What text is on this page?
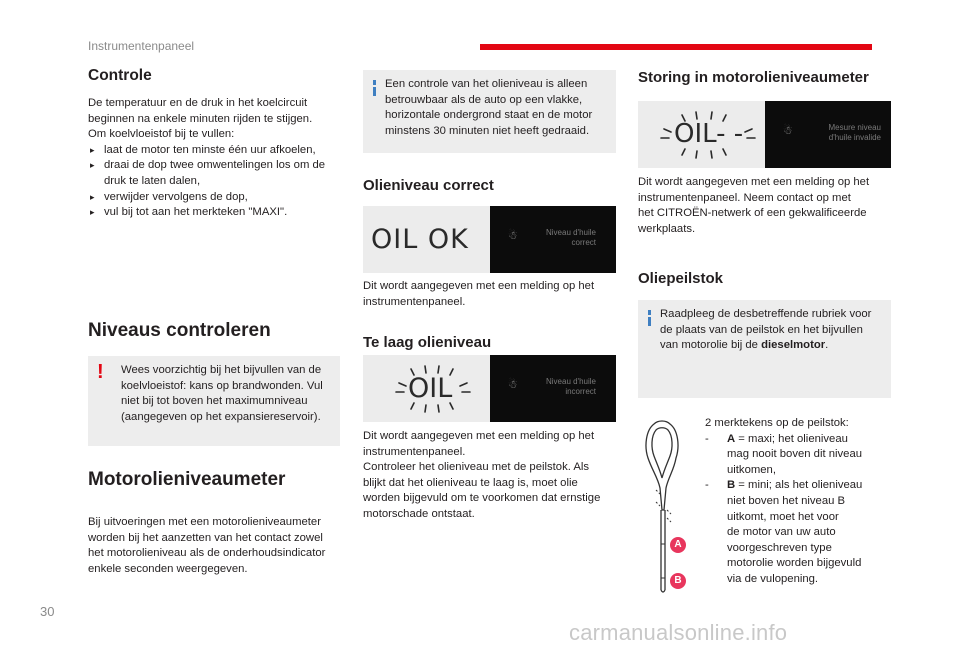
Instrumentenpaneel
Controle
De temperatuur en de druk in het koelcircuit
beginnen na enkele minuten rijden te stijgen.
Om koelvloeistof bij te vullen:
▸ laat de motor ten minste één uur afkoelen,
▸ draai de dop twee omwentelingen los om de
druk te laten dalen,
▸ verwijder vervolgens de dop,
▸ vul bij tot aan het merkteken "MAXI".
Niveaus controleren
! Wees voorzichtig bij het bijvullen van de
koelvloeistof: kans op brandwonden. Vul
niet bij tot boven het maximumniveau
(aangegeven op het expansiereservoir).
Motorolieniveaumeter
Bij uitvoeringen met een motorolieniveaumeter
worden bij het aanzetten van het contact zowel
het motorolieniveau als de onderhoudsindicator
enkele seconden weergegeven.
Een controle van het olieniveau is alleen
betrouwbaar als de auto op een vlakke,
horizontale ondergrond staat en de motor
minstens 30 minuten niet heeft gedraaid.
Olieniveau correct
OIL OK	☃	Niveau d'huile
correct
Dit wordt aangegeven met een melding op het
instrumentenpaneel.
Te laag olieniveau
OIL	☃	Niveau d'huile
incorrect
Dit wordt aangegeven met een melding op het
instrumentenpaneel.
Controleer het olieniveau met de peilstok. Als
blijkt dat het olieniveau te laag is, moet olie
worden bijgevuld om te voorkomen dat ernstige
motorschade ontstaat.
Storing in motorolieniveaumeter
OIL- -	☃	Mesure niveau
d'huile invalide
Dit wordt aangegeven met een melding op het
instrumentenpaneel. Neem contact op met
het CITROËN-netwerk of een gekwalificeerde
werkplaats.
Oliepeilstok
Raadpleeg de desbetreffende rubriek voor
de plaats van de peilstok en het bijvullen
van motorolie bij de dieselmotor.
A
B
2 merktekens op de peilstok:
- A = maxi; het olieniveau
mag nooit boven dit niveau
uitkomen,
- B = mini; als het olieniveau
niet boven het niveau B
uitkomt, moet het voor
de motor van uw auto
voorgeschreven type
motorolie worden bijgevuld
via de vulopening.
30
carmanualsonline.info
